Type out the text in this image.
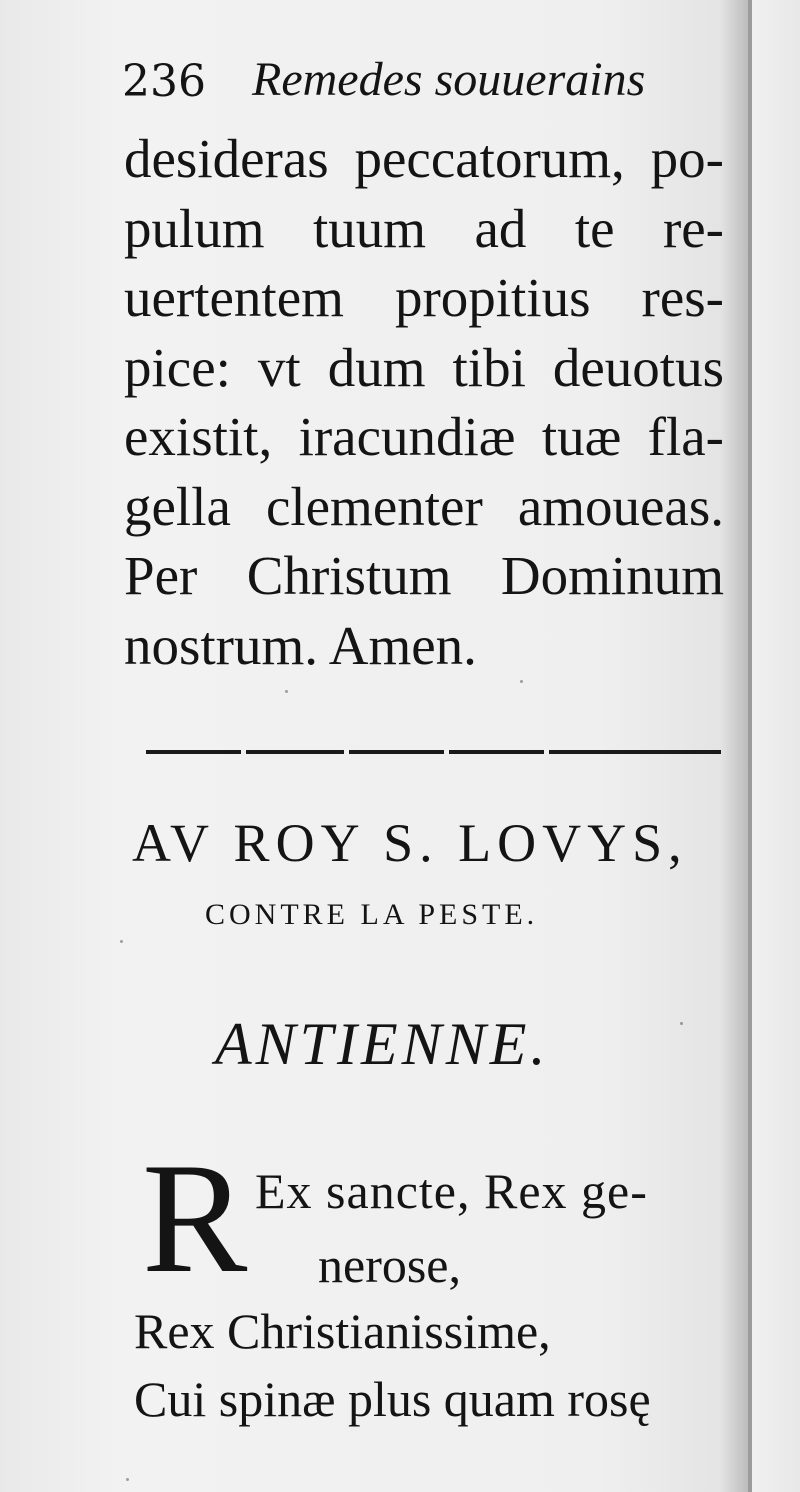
236 Remedes souuerains
desideras peccatorum, po-
pulum tuum ad te re-
uertentem propitius res-
pice: vt dum tibi deuotus
existit, iracundiæ tuæ fla-
gella clementer amoueas.
Per Christum Dominum
nostrum. Amen.
AV ROY S. LOVYS,
CONTRE LA PESTE.
ANTIENNE.
R Ex sancte, Rex ge-
nerose,
Rex Christianissime,
Cui spinæ plus quam rosę
